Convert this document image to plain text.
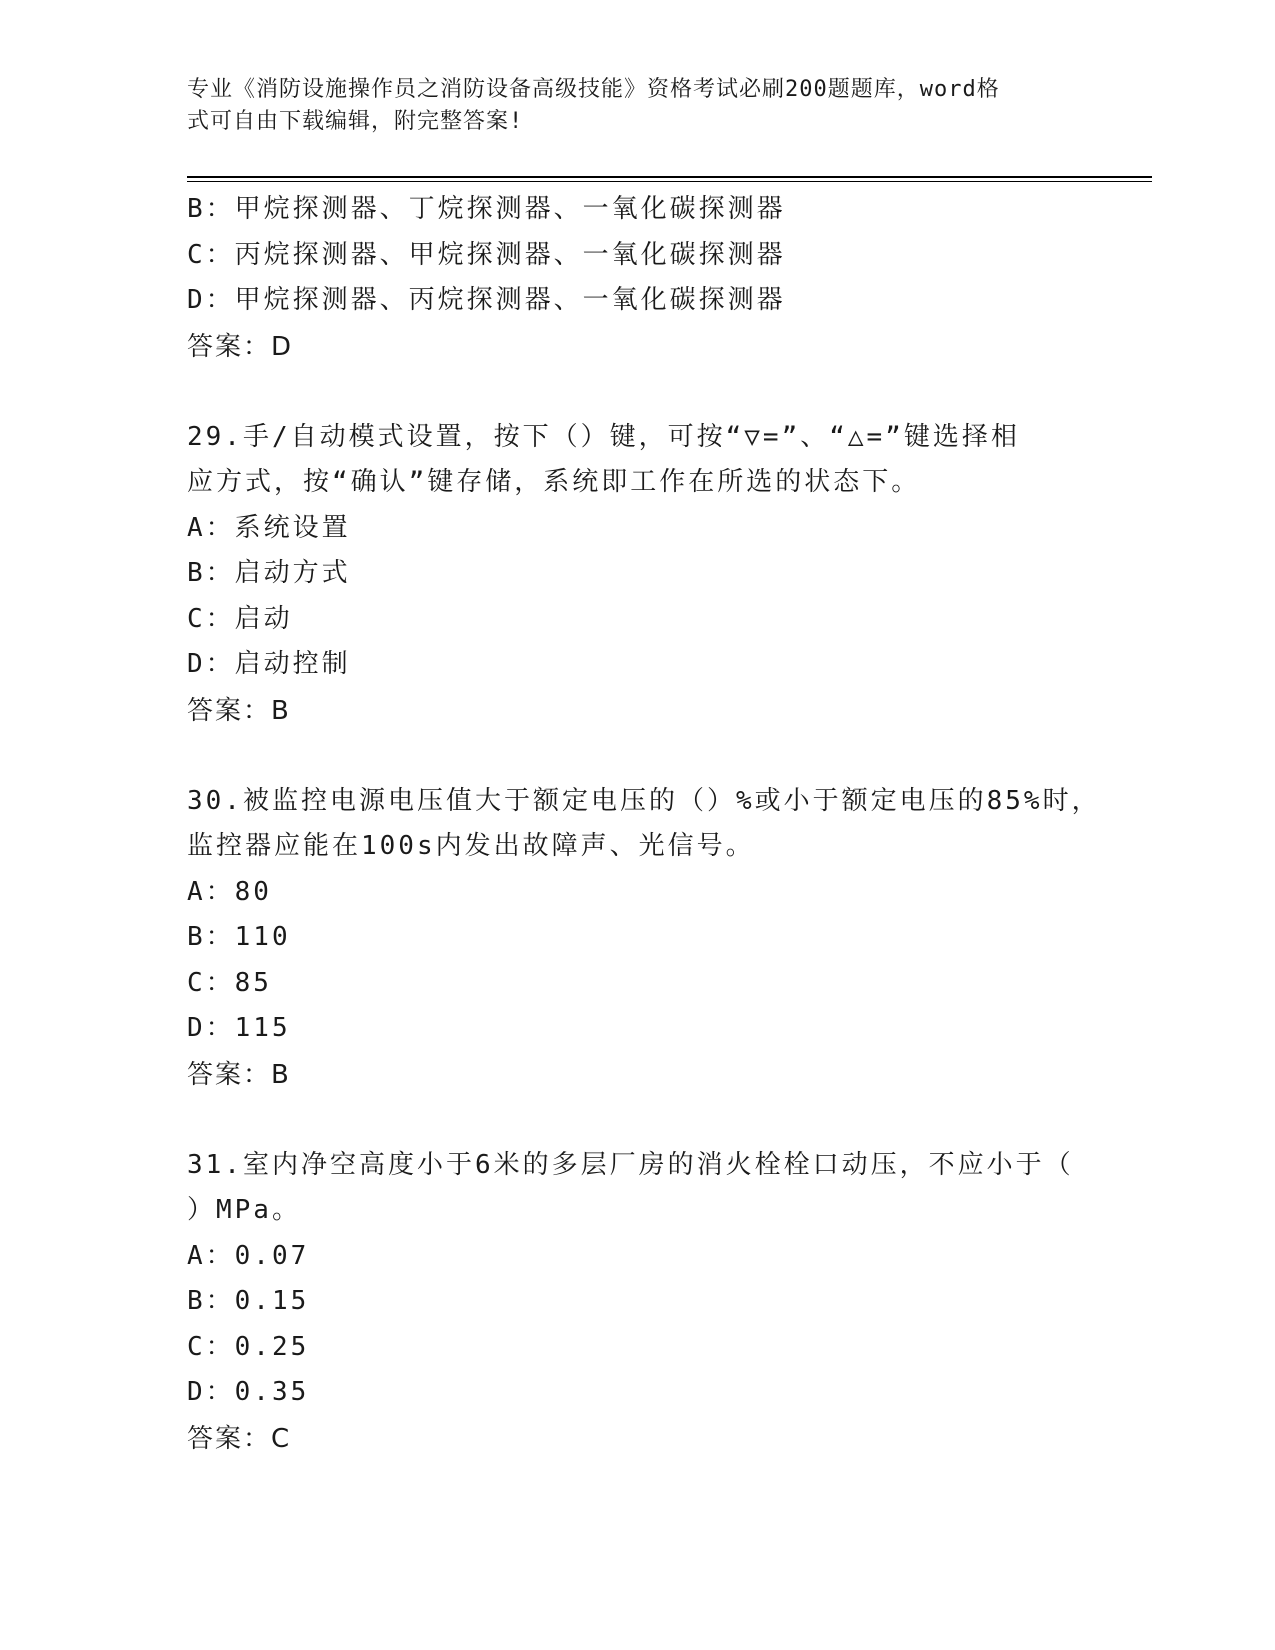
专业《消防设施操作员之消防设备高级技能》资格考试必刷200题题库，word格
式可自由下载编辑，附完整答案!
B：甲烷探测器、丁烷探测器、一氧化碳探测器
C：丙烷探测器、甲烷探测器、一氧化碳探测器
D：甲烷探测器、丙烷探测器、一氧化碳探测器
答案：D
29.手/自动模式设置，按下（）键，可按“▽=”、“△=”键选择相
应方式，按“确认”键存储，系统即工作在所选的状态下。
A：系统设置
B：启动方式
C：启动
D：启动控制
答案：B
30.被监控电源电压值大于额定电压的（）%或小于额定电压的85%时，
监控器应能在100s内发出故障声、光信号。
A：80
B：110
C：85
D：115
答案：B
31.室内净空高度小于6米的多层厂房的消火栓栓口动压，不应小于（
）MPa。
A：0.07
B：0.15
C：0.25
D：0.35
答案：C
